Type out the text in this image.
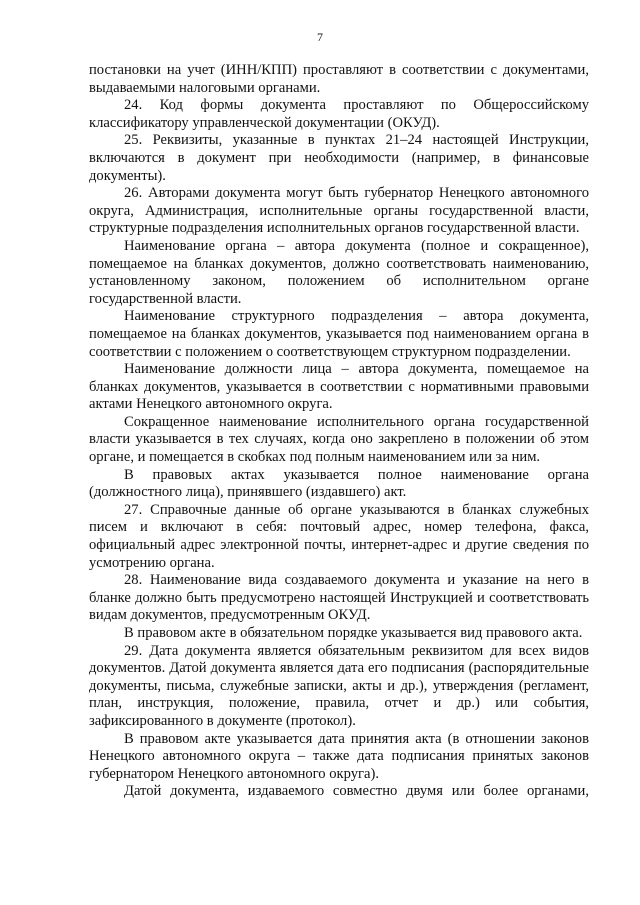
7

постановки на учет (ИНН/КПП) проставляют в соответствии с документами, выдаваемыми налоговыми органами.

24. Код формы документа проставляют по Общероссийскому классификатору управленческой документации (ОКУД).

25. Реквизиты, указанные в пунктах 21–24 настоящей Инструкции, включаются в документ при необходимости (например, в финансовые документы).

26. Авторами документа могут быть губернатор Ненецкого автономного округа, Администрация, исполнительные органы государственной власти, структурные подразделения исполнительных органов государственной власти.

Наименование органа – автора документа (полное и сокращенное), помещаемое на бланках документов, должно соответствовать наименованию, установленному законом, положением об исполнительном органе государственной власти.

Наименование структурного подразделения – автора документа, помещаемое на бланках документов, указывается под наименованием органа в соответствии с положением о соответствующем структурном подразделении.

Наименование должности лица – автора документа, помещаемое на бланках документов, указывается в соответствии с нормативными правовыми актами Ненецкого автономного округа.

Сокращенное наименование исполнительного органа государственной власти указывается в тех случаях, когда оно закреплено в положении об этом органе, и помещается в скобках под полным наименованием или за ним.

В правовых актах указывается полное наименование органа (должностного лица), принявшего (издавшего) акт.

27. Справочные данные об органе указываются в бланках служебных писем и включают в себя: почтовый адрес, номер телефона, факса, официальный адрес электронной почты, интернет-адрес и другие сведения по усмотрению органа.

28. Наименование вида создаваемого документа и указание на него в бланке должно быть предусмотрено настоящей Инструкцией и соответствовать видам документов, предусмотренным ОКУД.

В правовом акте в обязательном порядке указывается вид правового акта.

29. Дата документа является обязательным реквизитом для всех видов документов. Датой документа является дата его подписания (распорядительные документы, письма, служебные записки, акты и др.), утверждения (регламент, план, инструкция, положение, правила, отчет и др.) или события, зафиксированного в документе (протокол).

В правовом акте указывается дата принятия акта (в отношении законов Ненецкого автономного округа – также дата подписания принятых законов губернатором Ненецкого автономного округа).

Датой документа, издаваемого совместно двумя или более органами,
